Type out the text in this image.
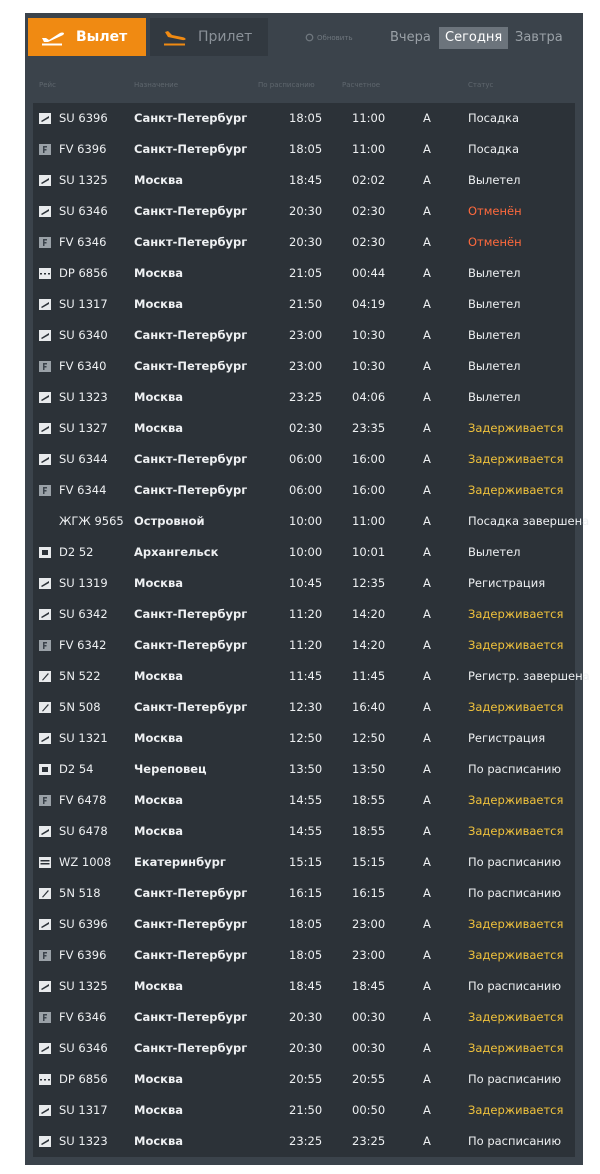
Вылет	Прилет	Обновить	Вчера	Сегодня Завтра
Рейс	Назначение	По расписанию	Расчетное	Статус
SU 6396 Санкт-Петербург	18:05	11:00	A	Посадка
FV 6396 Санкт-Петербург	18:05	11:00	A	Посадка
SU 1325 Москва	18:45	02:02	A	Вылетел
SU 6346 Санкт-Петербург	20:30	02:30	A	Отменён
FV 6346 Санкт-Петербург	20:30	02:30	A	Отменён
DP 6856 Москва	21:05	00:44	A	Вылетел
SU 1317 Москва	21:50	04:19	A	Вылетел
SU 6340 Санкт-Петербург	23:00	10:30	A	Вылетел
FV 6340 Санкт-Петербург	23:00	10:30	A	Вылетел
SU 1323 Москва	23:25	04:06	A	Вылетел
SU 1327 Москва	02:30	23:35	A	Задерживается
SU 6344 Санкт-Петербург	06:00	16:00	A	Задерживается
FV 6344 Санкт-Петербург	06:00	16:00	A	Задерживается
ЖГЖ 9565 Островной	10:00	11:00	A	Посадка завершена
D2 52	Архангельск	10:00	10:01	A	Вылетел
SU 1319 Москва	10:45	12:35	A	Регистрация
SU 6342 Санкт-Петербург	11:20	14:20	A	Задерживается
FV 6342 Санкт-Петербург	11:20	14:20	A	Задерживается
5N 522	Москва	11:45	11:45	A	Регистр. завершена
5N 508	Санкт-Петербург	12:30	16:40	A	Задерживается
SU 1321 Москва	12:50	12:50	A	Регистрация
D2 54	Череповец	13:50	13:50	A	По расписанию
FV 6478 Москва	14:55	18:55	A	Задерживается
SU 6478 Москва	14:55	18:55	A	Задерживается
WZ 1008 Екатеринбург	15:15	15:15	A	По расписанию
5N 518	Санкт-Петербург	16:15	16:15	A	По расписанию
SU 6396 Санкт-Петербург	18:05	23:00	A	Задерживается
FV 6396 Санкт-Петербург	18:05	23:00	A	Задерживается
SU 1325 Москва	18:45	18:45	A	По расписанию
FV 6346 Санкт-Петербург	20:30	00:30	A	Задерживается
SU 6346 Санкт-Петербург	20:30	00:30	A	Задерживается
DP 6856 Москва	20:55	20:55	A	По расписанию
SU 1317 Москва	21:50	00:50	A	Задерживается
SU 1323 Москва	23:25	23:25	A	По расписанию
